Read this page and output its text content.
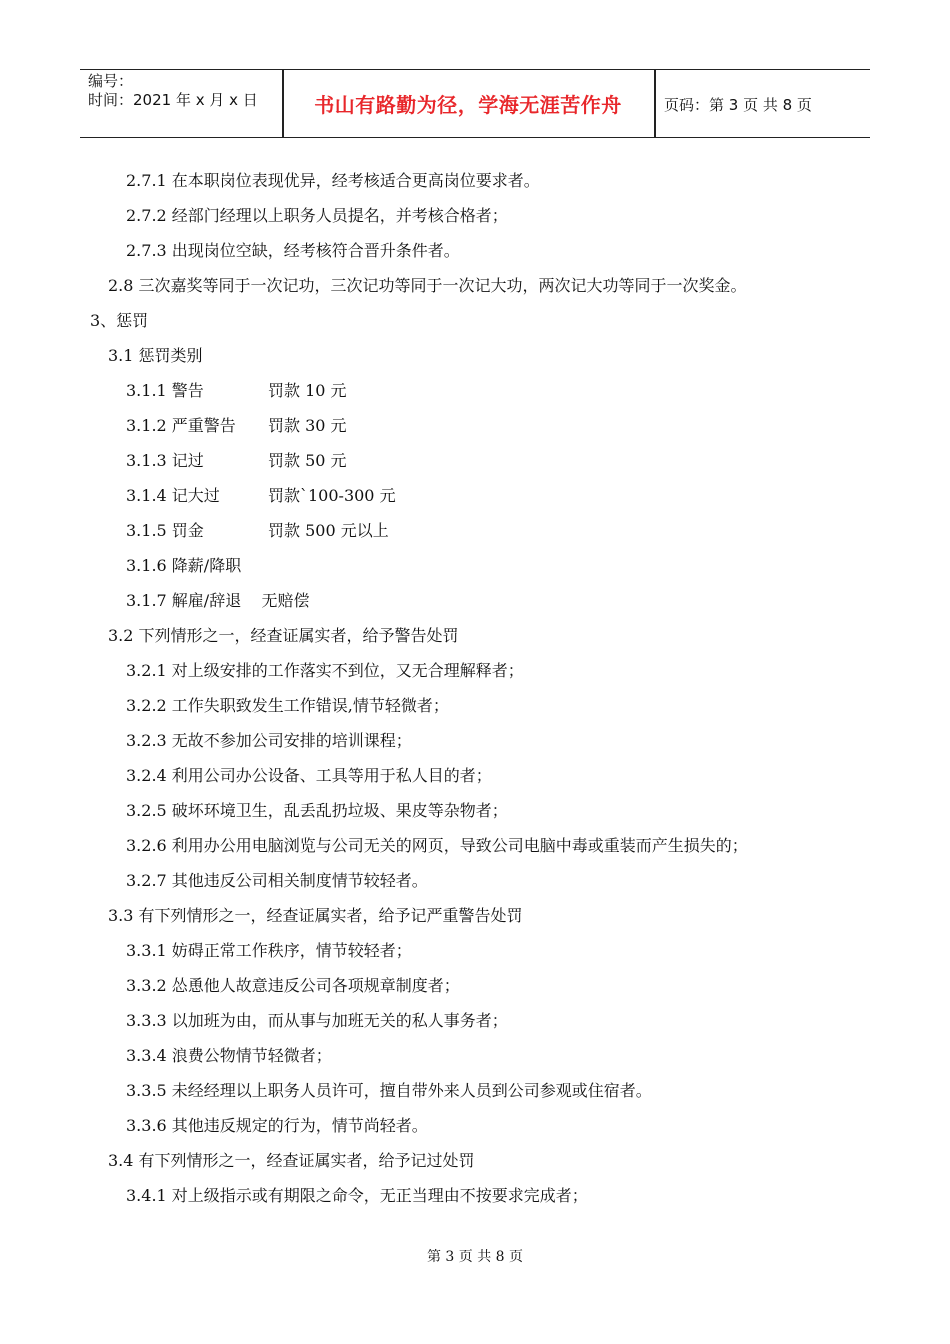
编号：
时间：2021 年 x 月 x 日	书山有路勤为径，学海无涯苦作舟	页码：第 3 页 共 8 页
2.7.1 在本职岗位表现优异，经考核适合更高岗位要求者。
2.7.2 经部门经理以上职务人员提名，并考核合格者；
2.7.3 出现岗位空缺，经考核符合晋升条件者。
2.8 三次嘉奖等同于一次记功，三次记功等同于一次记大功，两次记大功等同于一次奖金。
3、惩罚
3.1 惩罚类别
3.1.1 警告	罚款 10 元
3.1.2 严重警告 罚款 30 元
3.1.3 记过	罚款 50 元
3.1.4 记大过	罚款`100-300 元
3.1.5 罚金	罚款 500 元以上
3.1.6 降薪/降职
3.1.7 解雇/辞退    无赔偿
3.2 下列情形之一，经查证属实者，给予警告处罚
3.2.1 对上级安排的工作落实不到位，又无合理解释者；
3.2.2 工作失职致发生工作错误,情节轻微者；
3.2.3 无故不参加公司安排的培训课程；
3.2.4 利用公司办公设备、工具等用于私人目的者；
3.2.5 破坏环境卫生，乱丢乱扔垃圾、果皮等杂物者；
3.2.6 利用办公用电脑浏览与公司无关的网页，导致公司电脑中毒或重装而产生损失的；
3.2.7 其他违反公司相关制度情节较轻者。
3.3 有下列情形之一，经查证属实者，给予记严重警告处罚
3.3.1 妨碍正常工作秩序，情节较轻者；
3.3.2 怂恿他人故意违反公司各项规章制度者；
3.3.3 以加班为由，而从事与加班无关的私人事务者；
3.3.4 浪费公物情节轻微者；
3.3.5 未经经理以上职务人员许可，擅自带外来人员到公司参观或住宿者。
3.3.6 其他违反规定的行为，情节尚轻者。
3.4 有下列情形之一，经查证属实者，给予记过处罚
3.4.1 对上级指示或有期限之命令，无正当理由不按要求完成者；
第 3 页 共 8 页
